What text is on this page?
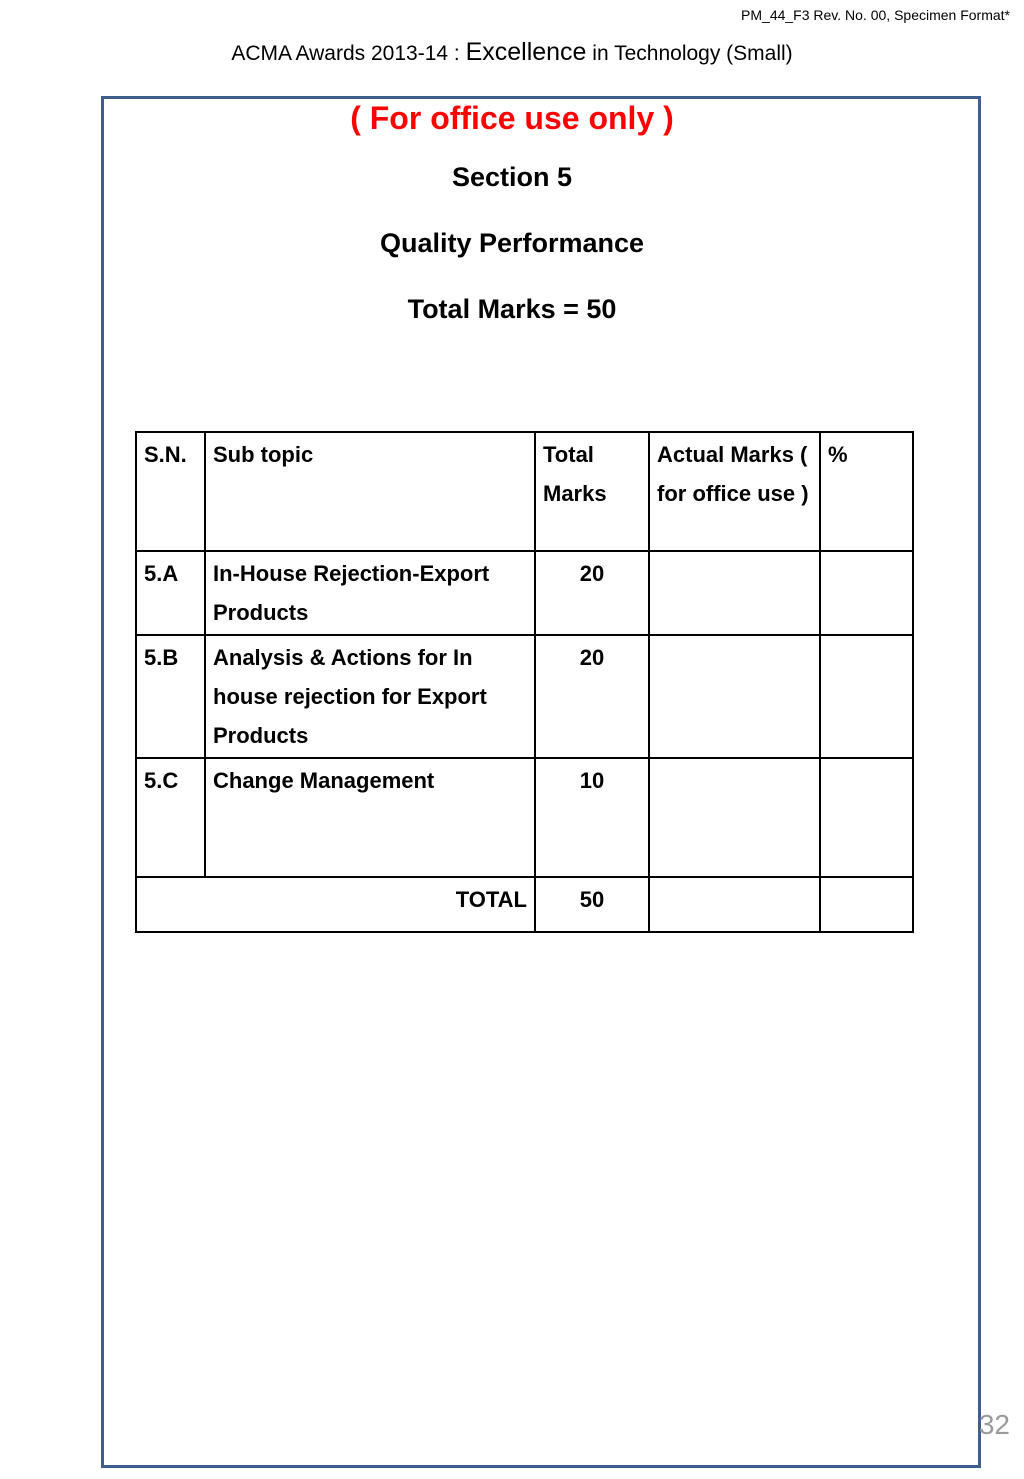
PM_44_F3 Rev. No. 00, Specimen Format*
ACMA Awards 2013-14 : Excellence in Technology (Small)
( For office use only )
Section 5
Quality Performance
Total Marks = 50
S.N.	Sub topic	Total Marks	Actual Marks ( for office use )	%
5.A	In-House Rejection-Export Products	20		
5.B	Analysis & Actions for In house rejection for Export Products	20		
5.C	Change Management	10		
TOTAL		50		
32
